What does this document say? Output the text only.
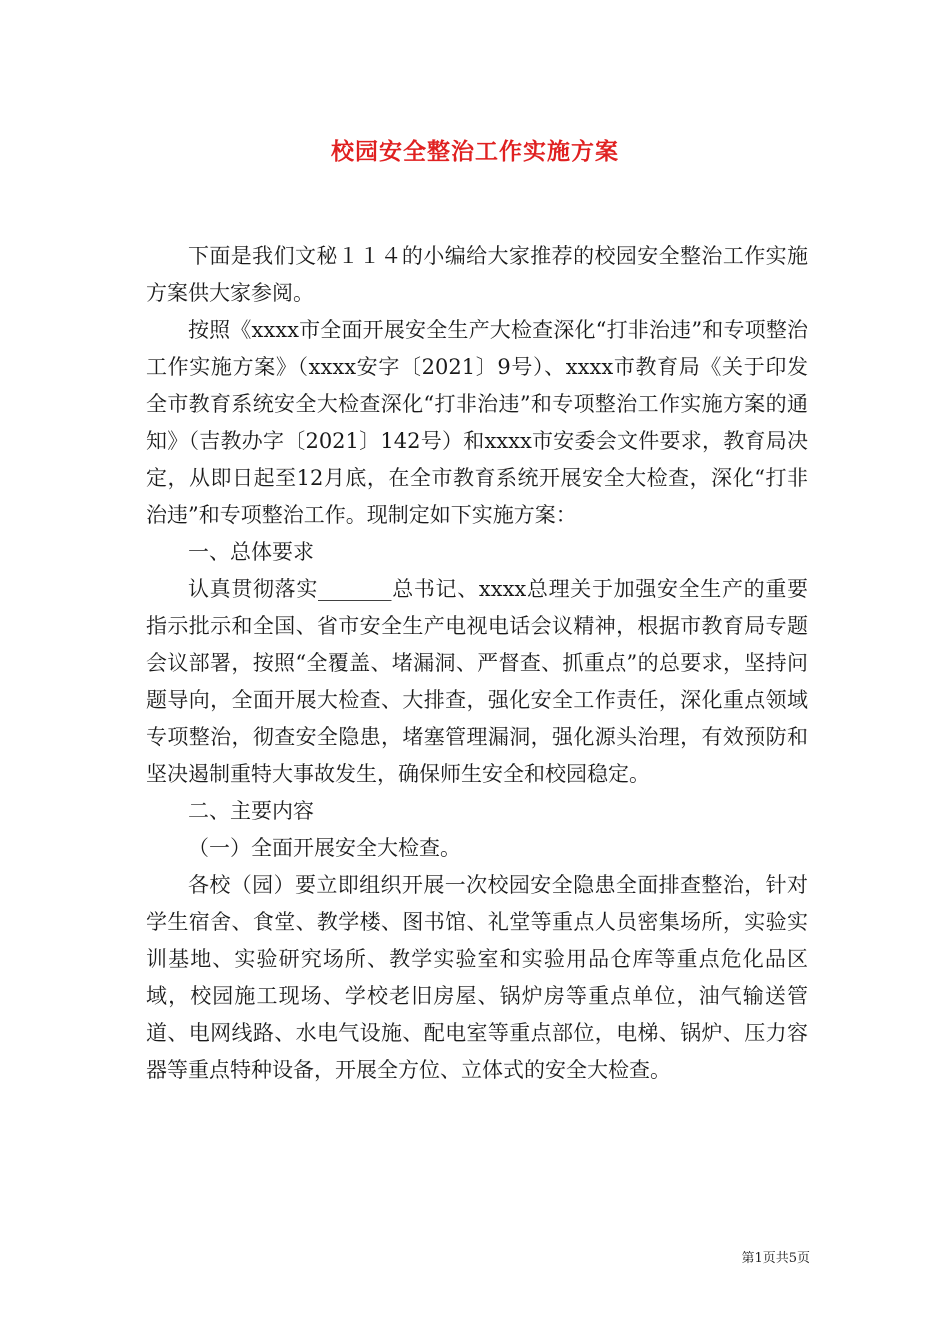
校园安全整治工作实施方案

下面是我们文秘１１４的小编给大家推荐的校园安全整治工作实施方案供大家参阅。

按照《xxxx市全面开展安全生产大检查深化“打非治违”和专项整治工作实施方案》（xxxx安字〔2021〕9号）、xxxx市教育局《关于印发全市教育系统安全大检查深化“打非治违”和专项整治工作实施方案的通知》（吉教办字〔2021〕142号）和xxxx市安委会文件要求，教育局决定，从即日起至12月底，在全市教育系统开展安全大检查，深化“打非治违”和专项整治工作。现制定如下实施方案：

一、总体要求

认真贯彻落实_______总书记、xxxx总理关于加强安全生产的重要指示批示和全国、省市安全生产电视电话会议精神，根据市教育局专题会议部署，按照“全覆盖、堵漏洞、严督查、抓重点”的总要求，坚持问题导向，全面开展大检查、大排查，强化安全工作责任，深化重点领域专项整治，彻查安全隐患，堵塞管理漏洞，强化源头治理，有效预防和坚决遏制重特大事故发生，确保师生安全和校园稳定。

二、主要内容

（一）全面开展安全大检查。

各校（园）要立即组织开展一次校园安全隐患全面排查整治，针对学生宿舍、食堂、教学楼、图书馆、礼堂等重点人员密集场所，实验实训基地、实验研究场所、教学实验室和实验用品仓库等重点危化品区域，校园施工现场、学校老旧房屋、锅炉房等重点单位，油气输送管道、电网线路、水电气设施、配电室等重点部位，电梯、锅炉、压力容器等重点特种设备，开展全方位、立体式的安全大检查。

第1页共5页
